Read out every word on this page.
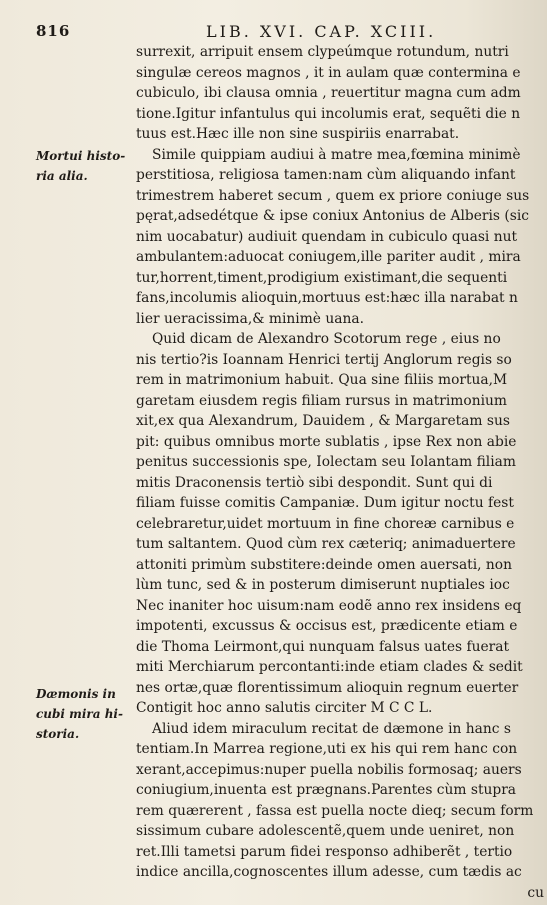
816	LIB. XVI. CAP. XCIII.
Mortui histo-
ria alia.
Dæmonis in
cubi mira hi-
storia.
surrexit, arripuit ensem clypeúmque rotundum, nutri
singulæ cereos magnos , it in aulam quæ contermina e
cubiculo, ibi clausa omnia , reuertitur magna cum adm
tione.Igitur infantulus qui incolumis erat, sequẽti die n
tuus est.Hæc ille non sine suspiriis enarrabat.
Simile quippiam audiui à matre mea,fœmina minimè
perstitiosa, religiosa tamen:nam cùm aliquando infant
trimestrem haberet secum , quem ex priore coniuge sus
pęrat,adsedétque & ipse coniux Antonius de Alberis (sic
nim uocabatur) audiuit quendam in cubiculo quasi nut
ambulantem:aduocat coniugem,ille pariter audit , mira
tur,horrent,timent,prodigium existimant,die sequenti
fans,incolumis alioquin,mortuus est:hæc illa narabat n
lier ueracissima,& minimè uana.
Quid dicam de Alexandro Scotorum rege , eius no
nis tertio?is Ioannam Henrici tertij Anglorum regis so
rem in matrimonium habuit. Qua sine filiis mortua,M
garetam eiusdem regis filiam rursus in matrimonium
xit,ex qua Alexandrum, Dauidem , & Margaretam sus
pit: quibus omnibus morte sublatis , ipse Rex non abie
penitus successionis spe, Iolectam seu Iolantam filiam
mitis Draconensis tertiò sibi despondit. Sunt qui di
filiam fuisse comitis Campaniæ. Dum igitur noctu fest
celebraretur,uidet mortuum in fine choreæ carnibus e
tum saltantem. Quod cùm rex cæteriq; animaduertere
attoniti primùm substitere:deinde omen auersati, non
lùm tunc, sed & in posterum dimiserunt nuptiales ioc
Nec inaniter hoc uisum:nam eodẽ anno rex insidens eq
impotenti, excussus & occisus est, prædicente etiam e
die Thoma Leirmont,qui nunquam falsus uates fuerat
miti Merchiarum percontanti:inde etiam clades & sedit
nes ortæ,quæ florentissimum alioquin regnum euerter
Contigit hoc anno salutis circiter M C C L.
Aliud idem miraculum recitat de dæmone in hanc s
tentiam.In Marrea regione,uti ex his qui rem hanc con
xerant,accepimus:nuper puella nobilis formosaq; auers
coniugium,inuenta est prægnans.Parentes cùm stupra
rem quærerent , fassa est puella nocte dieq; secum form
sissimum cubare adolescentẽ,quem unde ueniret, non
ret.Illi tametsi parum fidei responso adhiberẽt , tertio
indice ancilla,cognoscentes illum adesse, cum tædis ac
cu
